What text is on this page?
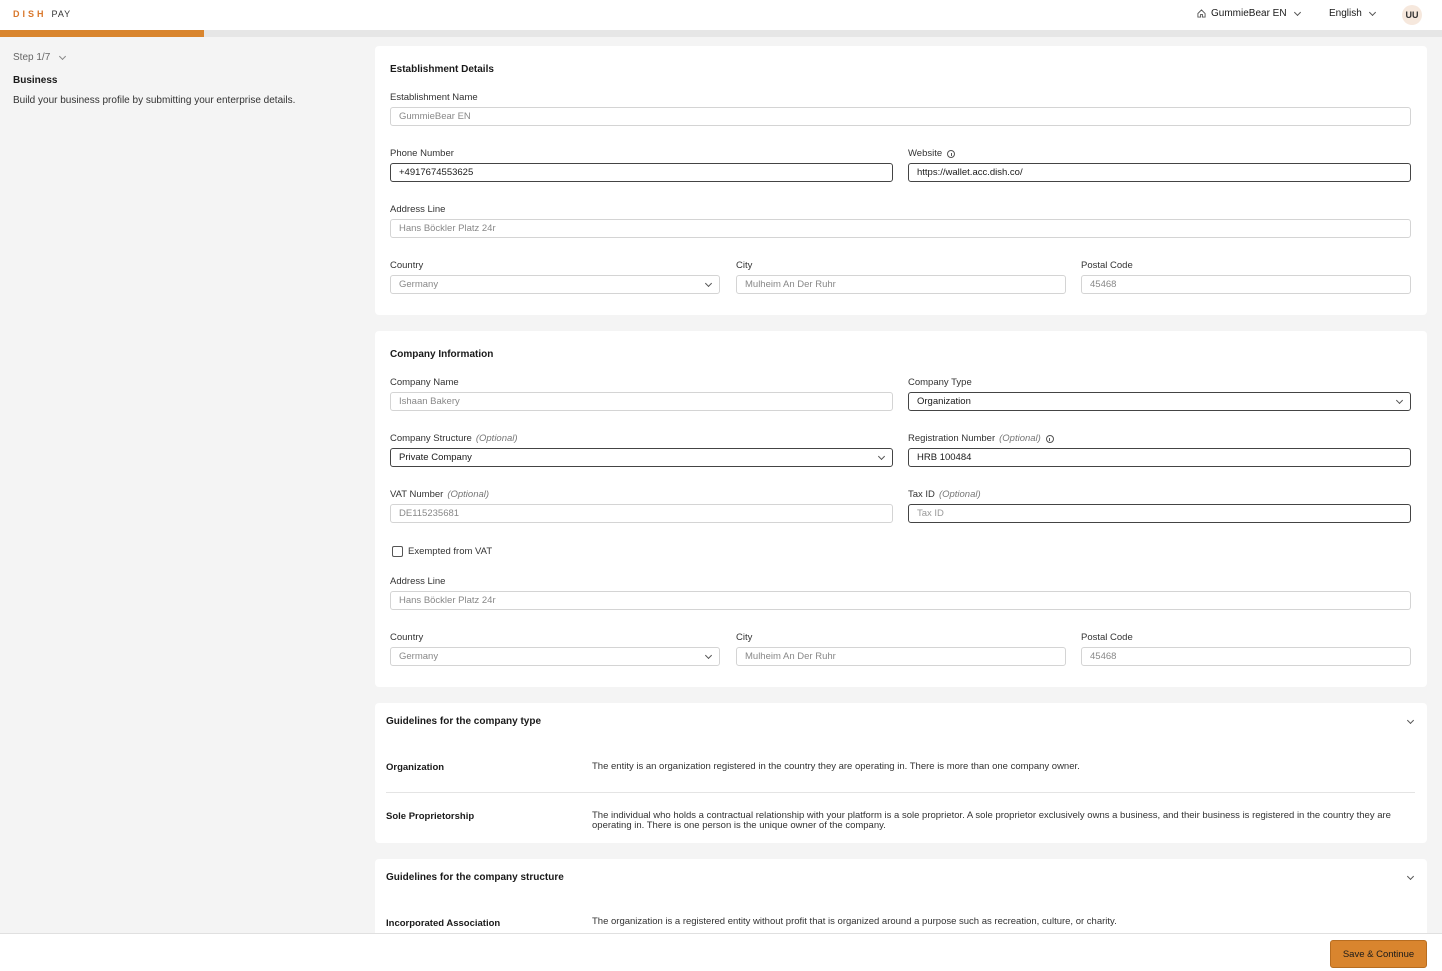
DISH PAY	GummieBear EN	English	UU
Step 1/7
Business
Build your business profile by submitting your enterprise details.
Establishment Details
Establishment Name
GummieBear EN
Phone Number
+4917674553625
Website
https://wallet.acc.dish.co/
Address Line
Hans Böckler Platz 24r
Country
Germany
City
Mulheim An Der Ruhr
Postal Code
45468
Company Information
Company Name
Ishaan Bakery
Company Type
Organization
Company Structure (Optional)
Private Company
Registration Number (Optional)
HRB 100484
VAT Number (Optional)
DE115235681
Tax ID (Optional)
Tax ID
Exempted from VAT
Address Line
Hans Böckler Platz 24r
Country
Germany
City
Mulheim An Der Ruhr
Postal Code
45468
Guidelines for the company type
Organization	The entity is an organization registered in the country they are operating in. There is more than one company owner.
Sole Proprietorship	The individual who holds a contractual relationship with your platform is a sole proprietor. A sole proprietor exclusively owns a business, and their business is registered in the country they are operating in. There is one person is the unique owner of the company.
Guidelines for the company structure
Incorporated Association	The organization is a registered entity without profit that is organized around a purpose such as recreation, culture, or charity.
Save & Continue
